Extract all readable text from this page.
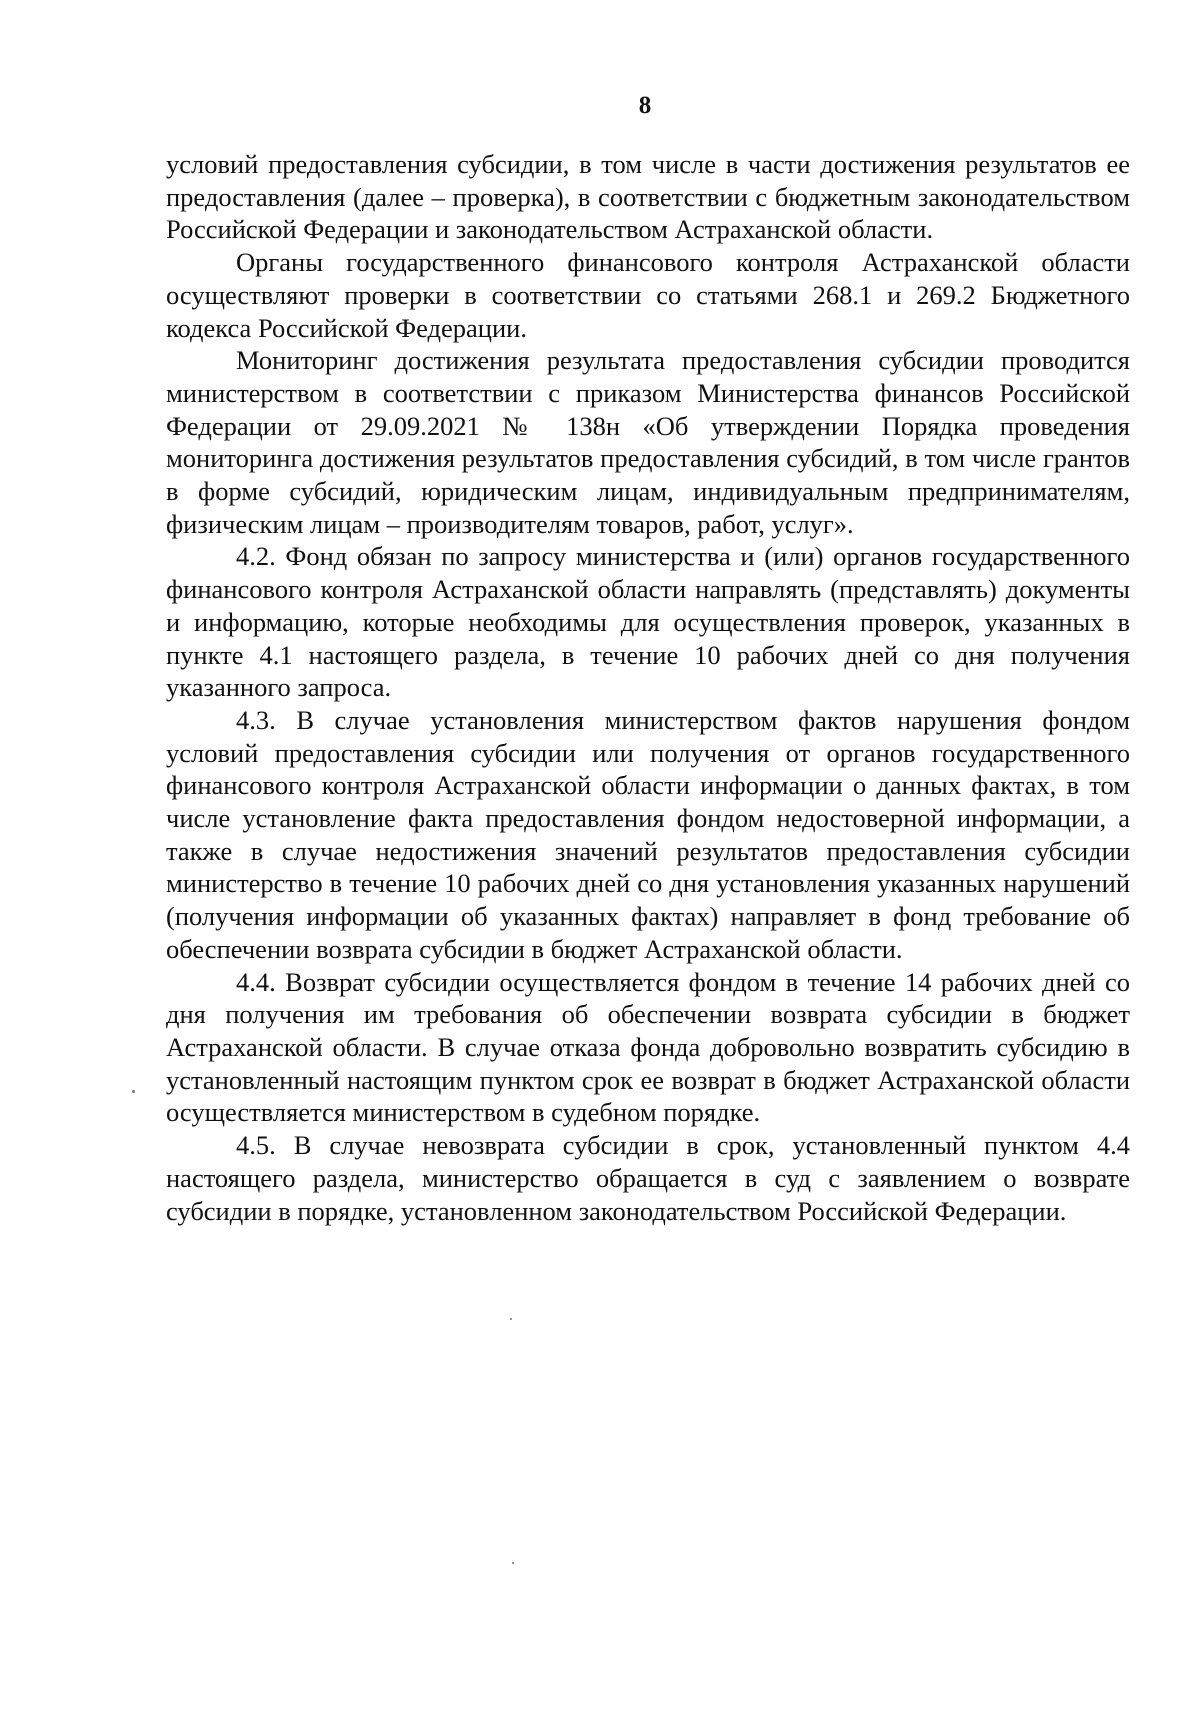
8

условий предоставления субсидии, в том числе в части достижения результатов ее предоставления (далее – проверка), в соответствии с бюджетным законодательством Российской Федерации и законодательством Астраханской области.

Органы государственного финансового контроля Астраханской области осуществляют проверки в соответствии со статьями 268.1 и 269.2 Бюджетного кодекса Российской Федерации.

Мониторинг достижения результата предоставления субсидии проводится министерством в соответствии с приказом Министерства финансов Российской Федерации от 29.09.2021 № 138н «Об утверждении Порядка проведения мониторинга достижения результатов предоставления субсидий, в том числе грантов в форме субсидий, юридическим лицам, индивидуальным предпринимателям, физическим лицам – производителям товаров, работ, услуг».

4.2. Фонд обязан по запросу министерства и (или) органов государственного финансового контроля Астраханской области направлять (представлять) документы и информацию, которые необходимы для осуществления проверок, указанных в пункте 4.1 настоящего раздела, в течение 10 рабочих дней со дня получения указанного запроса.

4.3. В случае установления министерством фактов нарушения фондом условий предоставления субсидии или получения от органов государственного финансового контроля Астраханской области информации о данных фактах, в том числе установление факта предоставления фондом недостоверной информации, а также в случае недостижения значений результатов предоставления субсидии министерство в течение 10 рабочих дней со дня установления указанных нарушений (получения информации об указанных фактах) направляет в фонд требование об обеспечении возврата субсидии в бюджет Астраханской области.

4.4. Возврат субсидии осуществляется фондом в течение 14 рабочих дней со дня получения им требования об обеспечении возврата субсидии в бюджет Астраханской области. В случае отказа фонда добровольно возвратить субсидию в установленный настоящим пунктом срок ее возврат в бюджет Астраханской области осуществляется министерством в судебном порядке.

4.5. В случае невозврата субсидии в срок, установленный пунктом 4.4 настоящего раздела, министерство обращается в суд с заявлением о возврате субсидии в порядке, установленном законодательством Российской Федерации.
